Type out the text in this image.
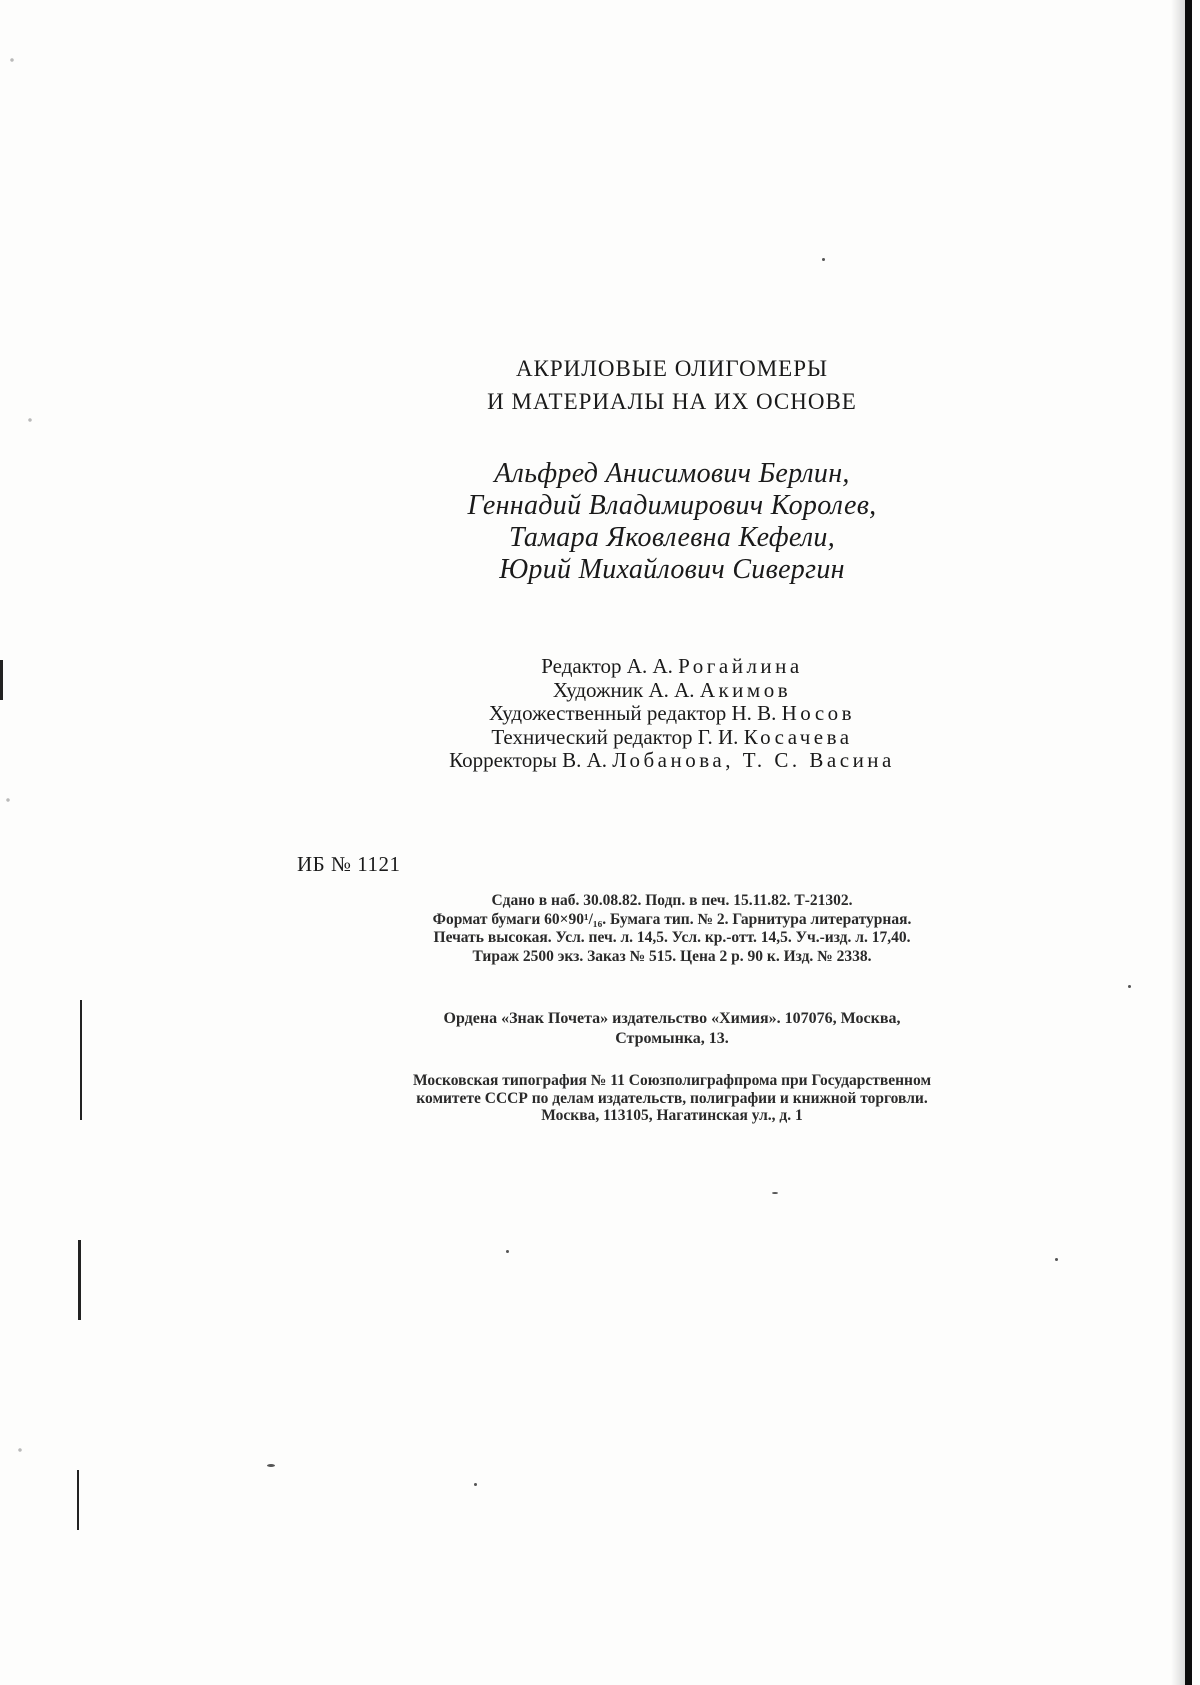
АКРИЛОВЫЕ ОЛИГОМЕРЫ
И МАТЕРИАЛЫ НА ИХ ОСНОВЕ
Альфред Анисимович Берлин,
Геннадий Владимирович Королев,
Тамара Яковлевна Кефели,
Юрий Михайлович Сивергин
Редактор А. А. Рогайлина
Художник А. А. Акимов
Художественный редактор Н. В. Носов
Технический редактор Г. И. Косачева
Корректоры В. А. Лобанова, Т. С. Васина
ИБ № 1121
Сдано в наб. 30.08.82. Подп. в печ. 15.11.82. Т-21302.
Формат бумаги 60×90¹/₁₆. Бумага тип. № 2. Гарнитура литературная.
Печать высокая. Усл. печ. л. 14,5. Усл. кр.-отт. 14,5. Уч.-изд. л. 17,40.
Тираж 2500 экз. Заказ № 515. Цена 2 р. 90 к. Изд. № 2338.
Ордена «Знак Почета» издательство «Химия». 107076, Москва,
Стромынка, 13.
Московская типография № 11 Союзполиграфпрома при Государственном
комитете СССР по делам издательств, полиграфии и книжной торговли.
Москва, 113105, Нагатинская ул., д. 1
